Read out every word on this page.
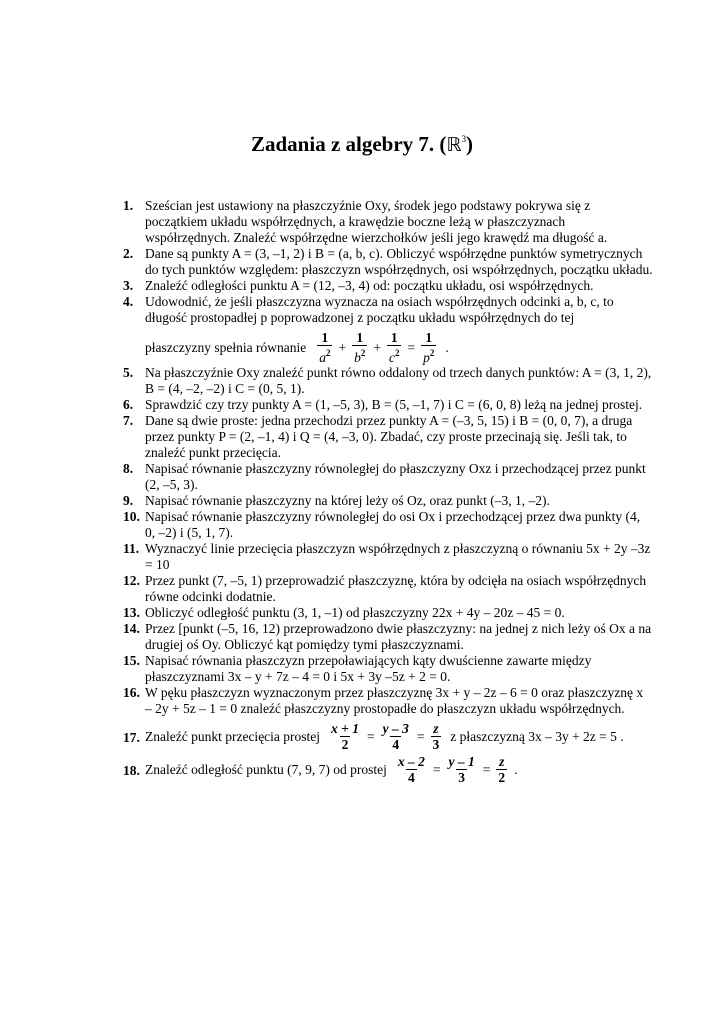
Zadania z algebry 7. (ℝ$^3$)
1. Sześcian jest ustawiony na płaszczyźnie Oxy, środek jego podstawy pokrywa się z początkiem układu współrzędnych, a krawędzie boczne leżą w płaszczyznach współrzędnych. Znaleźć współrzędne wierzchołków jeśli jego krawędź ma długość a.

2. Dane są punkty A = (3, –1, 2) i B = (a, b, c). Obliczyć współrzędne punktów symetrycznych do tych punktów względem: płaszczyzn współrzędnych, osi współrzędnych, początku układu.

3. Znaleźć odległości punktu A = (12, –3, 4) od: początku układu, osi współrzędnych.

4. Udowodnić, że jeśli płaszczyzna wyznacza na osiach współrzędnych odcinki a, b, c, to długość prostopadłej p poprowadzonej z początku układu współrzędnych do tej

płaszczyzny spełnia równanie $\frac{1}{a^2} + \frac{1}{b^2} + \frac{1}{c^2} = \frac{1}{p^2}$ .
5. Na płaszczyźnie Oxy znaleźć punkt równo oddalony od trzech danych punktów: A = (3, 1, 2), B = (4, –2, –2) i C = (0, 5, 1).

6. Sprawdzić czy trzy punkty A = (1, –5, 3), B = (5, –1, 7) i C = (6, 0, 8) leżą na jednej prostej.

7. Dane są dwie proste: jedna przechodzi przez punkty A = (–3, 5, 15) i B = (0, 0, 7), a druga przez punkty P = (2, –1, 4) i Q = (4, –3, 0). Zbadać, czy proste przecinają się. Jeśli tak, to znaleźć punkt przecięcia.

8. Napisać równanie płaszczyzny równoległej do płaszczyzny Oxz i przechodzącej przez punkt (2, –5, 3).

9. Napisać równanie płaszczyzny na której leży oś Oz, oraz punkt (–3, 1, –2).

10. Napisać równanie płaszczyzny równoległej do osi Ox i przechodzącej przez dwa punkty (4, 0, –2) i (5, 1, 7).

11. Wyznaczyć linie przecięcia płaszczyzn współrzędnych z płaszczyzną o równaniu 5x + 2y –3z = 10

12. Przez punkt (7, –5, 1) przeprowadzić płaszczyznę, która by odcięła na osiach współrzędnych równe odcinki dodatnie.

13. Obliczyć odległość punktu (3, 1, –1) od płaszczyzny 22x + 4y – 20z – 45 = 0.

14. Przez [punkt (–5, 16, 12) przeprowadzono dwie płaszczyzny: na jednej z nich leży oś Ox a na drugiej oś Oy. Obliczyć kąt pomiędzy tymi płaszczyznami.

15. Napisać równania płaszczyzn przepoławiających kąty dwuścienne zawarte między płaszczyznami 3x – y + 7z – 4 = 0 i 5x + 3y –5z + 2 = 0.

16. W pęku płaszczyzn wyznaczonym przez płaszczyznę 3x + y – 2z – 6 = 0 oraz płaszczyznę x – 2y + 5z – 1 = 0 znaleźć płaszczyzny prostopadłe do płaszczyzn układu współrzędnych.

17. Znaleźć punkt przecięcia prostej $\frac{x + 1}{2} = \frac{y - 3}{4} = \frac{z}{3}$ z płaszczyzną 3x – 3y + 2z = 5 .
18. Znaleźć odległość punktu (7, 9, 7) od prostej $\frac{x - 2}{4} = \frac{y - 1}{3} = \frac{z}{2}$ .
